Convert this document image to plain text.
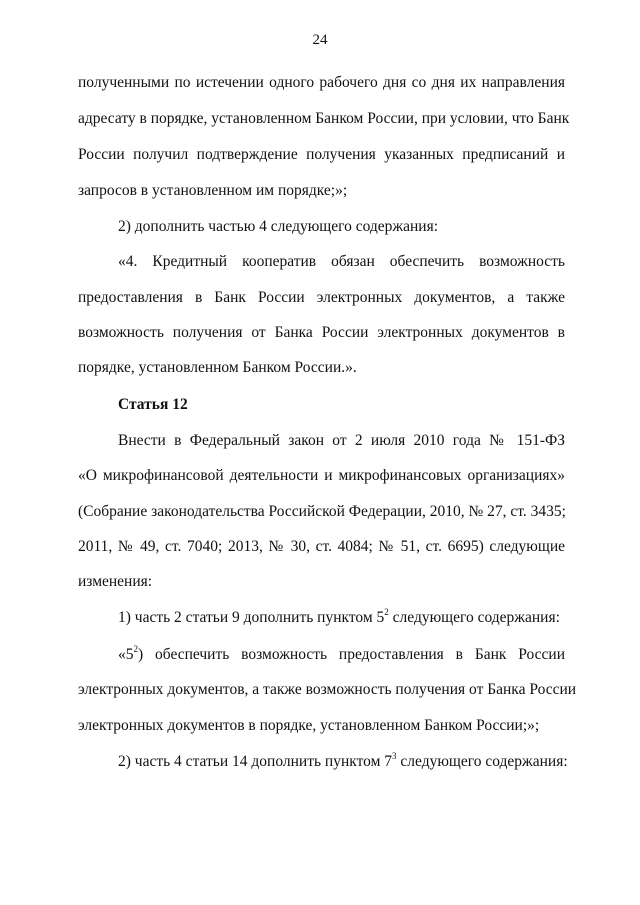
24
полученными по истечении одного рабочего дня со дня их направления
адресату в порядке, установленном Банком России, при условии, что Банк
России получил подтверждение получения указанных предписаний и
запросов в установленном им порядке;»;
2) дополнить частью 4 следующего содержания:
«4. Кредитный кооператив обязан обеспечить возможность
предоставления в Банк России электронных документов, а также
возможность получения от Банка России электронных документов в
порядке, установленном Банком России.».
Статья 12
Внести в Федеральный закон от 2 июля 2010 года № 151-ФЗ
«О микрофинансовой деятельности и микрофинансовых организациях»
(Собрание законодательства Российской Федерации, 2010, № 27, ст. 3435;
2011, № 49, ст. 7040; 2013, № 30, ст. 4084; № 51, ст. 6695) следующие
изменения:
1) часть 2 статьи 9 дополнить пунктом $5^2$ следующего содержания:
«$5^2$) обеспечить возможность предоставления в Банк России
электронных документов, а также возможность получения от Банка России
электронных документов в порядке, установленном Банком России;»;
2) часть 4 статьи 14 дополнить пунктом $7^3$ следующего содержания:
